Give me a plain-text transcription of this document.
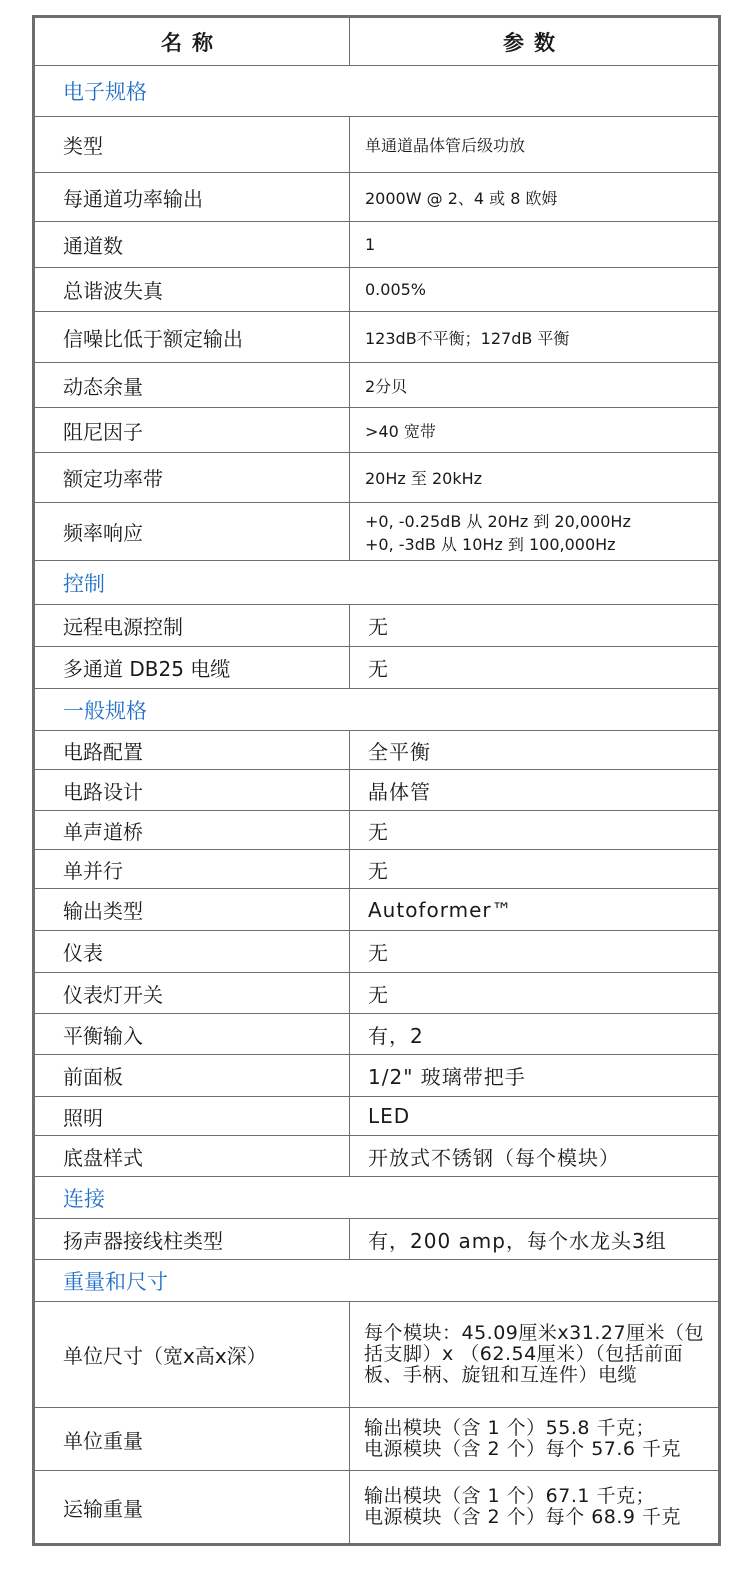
名称	参数
电子规格	
类型	单通道晶体管后级功放
每通道功率输出	2000W @ 2、4 或 8 欧姆
通道数	1
总谐波失真	0.005%
信噪比低于额定输出	123dB不平衡；127dB 平衡
动态余量	2分贝
阻尼因子	>40 宽带
额定功率带	20Hz 至 20kHz
频率响应	+0, -0.25dB 从 20Hz 到 20,000Hz
+0, -3dB 从 10Hz 到 100,000Hz

控制	
远程电源控制	无
多通道 DB25 电缆	无
一般规格	
电路配置	全平衡
电路设计	晶体管
单声道桥	无
单并行	无
输出类型	Autoformer™
仪表	无
仪表灯开关	无
平衡输入	有，2
前面板	1/2" 玻璃带把手
照明	LED
底盘样式	开放式不锈钢（每个模块）
连接	
扬声器接线柱类型	有，200 amp，每个水龙头3组
重量和尺寸	
单位尺寸（宽x高x深）	每个模块：45.09厘米x31.27厘米（包括支脚）x （62.54厘米）（包括前面板、手柄、旋钮和互连件）电缆

单位重量	输出模块（含 1 个）55.8 千克；
电源模块（含 2 个）每个 57.6 千克

运输重量	输出模块（含 1 个）67.1 千克；
电源模块（含 2 个）每个 68.9 千克
